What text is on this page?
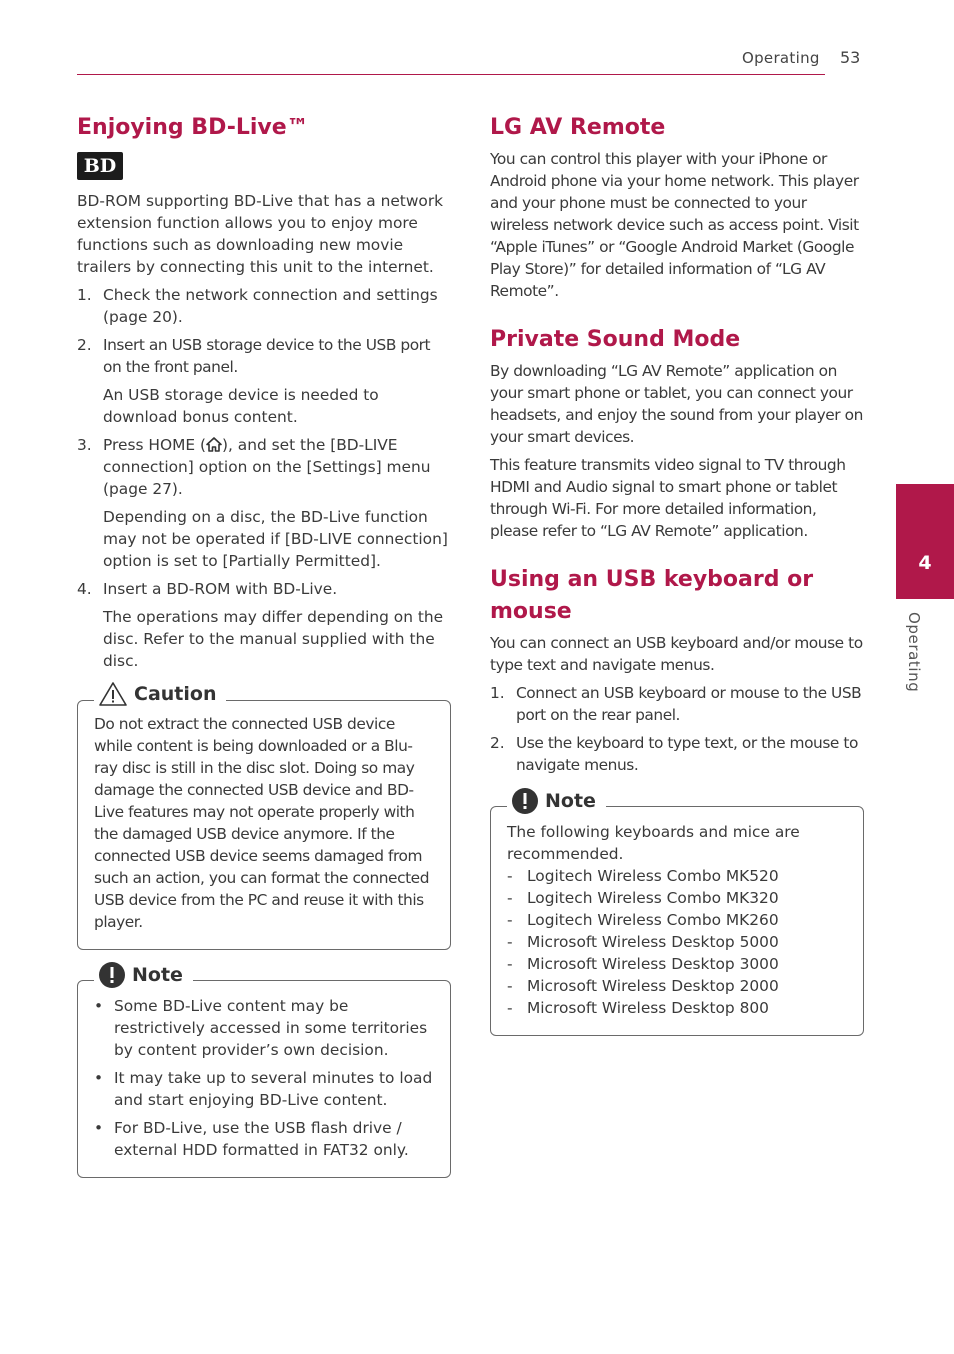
Operating 53
Enjoying BD-Live™
BD

BD-ROM supporting BD-Live that has a network extension function allows you to enjoy more functions such as downloading new movie trailers by connecting this unit to the internet.

1. Check the network connection and settings (page 20).
2. Insert an USB storage device to the USB port on the front panel.

An USB storage device is needed to download bonus content.

3. Press HOME ( ), and set the [BD-LIVE connection] option on the [Settings] menu (page 27).

Depending on a disc, the BD-Live function may not be operated if [BD-LIVE connection] option is set to [Partially Permitted].

4. Insert a BD-ROM with BD-Live.

The operations may differ depending on the disc. Refer to the manual supplied with the disc.

Caution

Do not extract the connected USB device while content is being downloaded or a Blu-ray disc is still in the disc slot. Doing so may damage the connected USB device and BD-Live features may not operate properly with the damaged USB device anymore. If the connected USB device seems damaged from such an action, you can format the connected USB device from the PC and reuse it with this player.

Note
• Some BD-Live content may be restrictively accessed in some territories by content provider’s own decision.
• It may take up to several minutes to load and start enjoying BD-Live content.
• For BD-Live, use the USB flash drive / external HDD formatted in FAT32 only.
LG AV Remote

You can control this player with your iPhone or Android phone via your home network. This player and your phone must be connected to your wireless network device such as access point. Visit “Apple iTunes” or “Google Android Market (Google Play Store)” for detailed information of “LG AV Remote”.

Private Sound Mode

By downloading “LG AV Remote” application on your smart phone or tablet, you can connect your headsets, and enjoy the sound from your player on your smart devices.

This feature transmits video signal to TV through HDMI and Audio signal to smart phone or tablet through Wi-Fi. For more detailed information, please refer to “LG AV Remote” application.

Using an USB keyboard or mouse

You can connect an USB keyboard and/or mouse to type text and navigate menus.

1. Connect an USB keyboard or mouse to the USB port on the rear panel.
2. Use the keyboard to type text, or the mouse to navigate menus.
Note

The following keyboards and mice are recommended.

- Logitech Wireless Combo MK520
- Logitech Wireless Combo MK320
- Logitech Wireless Combo MK260
- Microsoft Wireless Desktop 5000
- Microsoft Wireless Desktop 3000
- Microsoft Wireless Desktop 2000
- Microsoft Wireless Desktop 800
4
Operating
